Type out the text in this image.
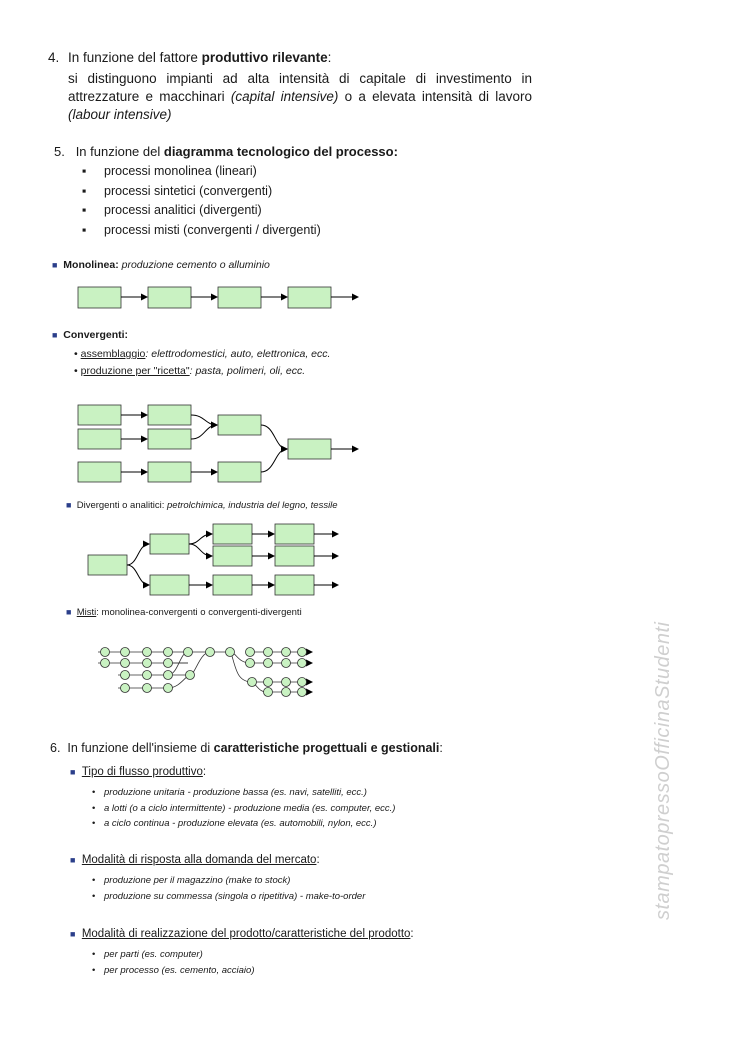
4. In funzione del fattore produttivo rilevante:
si distinguono impianti ad alta intensità di capitale di investimento in attrezzature e macchinari (capital intensive) o a elevata intensità di lavoro (labour intensive)
5. In funzione del diagramma tecnologico del processo:
▪	processi monolinea (lineari)
▪	processi sintetici (convergenti)
▪	processi analitici (divergenti)
▪	processi misti (convergenti / divergenti)
■ Monolinea: produzione cemento o alluminio
■ Convergenti:
• assemblaggio: elettrodomestici, auto, elettronica, ecc.
• produzione per "ricetta": pasta, polimeri, oli, ecc.
■ Divergenti o analitici: petrolchimica, industria del legno, tessile
■ Misti: monolinea-convergenti o convergenti-divergenti
6. In funzione dell'insieme di caratteristiche progettuali e gestionali:
■ Tipo di flusso produttivo:
• produzione unitaria - produzione bassa (es. navi, satelliti, ecc.)
• a lotti (o a ciclo intermittente) - produzione media (es. computer, ecc.)
• a ciclo continua - produzione elevata (es. automobili, nylon, ecc.)
■ Modalità di risposta alla domanda del mercato:
• produzione per il magazzino (make to stock)
• produzione su commessa (singola o ripetitiva) - make-to-order
■ Modalità di realizzazione del prodotto/caratteristiche del prodotto:
• per parti (es. computer)
• per processo (es. cemento, acciaio)
stampatopressoOfficinaStudenti
